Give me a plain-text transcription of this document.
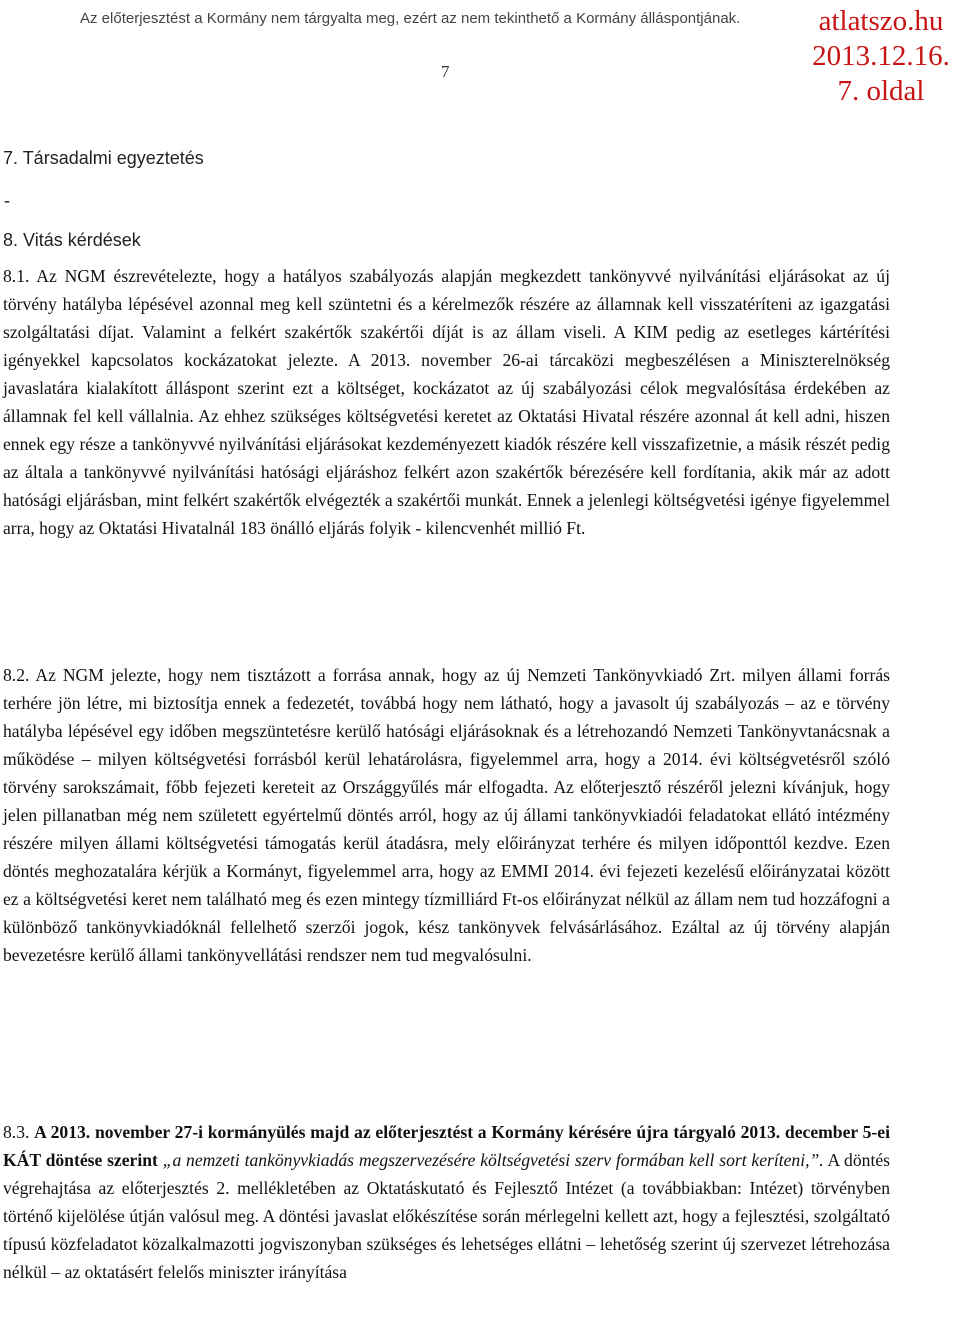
Az előterjesztést a Kormány nem tárgyalta meg, ezért az nem tekinthető a Kormány álláspontjának.	atlatszo.hu
2013.12.16.
7. oldal
7
7. Társadalmi egyeztetés
-
8. Vitás kérdések
8.1. Az NGM észrevételezte, hogy a hatályos szabályozás alapján megkezdett tankönyvvé nyilvánítási eljárásokat az új törvény hatályba lépésével azonnal meg kell szüntetni és a kérelmezők részére az államnak kell visszatéríteni az igazgatási szolgáltatási díjat. Valamint a felkért szakértők szakértői díját is az állam viseli. A KIM pedig az esetleges kártérítési igényekkel kapcsolatos kockázatokat jelezte. A 2013. november 26-ai tárcaközi megbeszélésen a Miniszterelnökség javaslatára kialakított álláspont szerint ezt a költséget, kockázatot az új szabályozási célok megvalósítása érdekében az államnak fel kell vállalnia. Az ehhez szükséges költségvetési keretet az Oktatási Hivatal részére azonnal át kell adni, hiszen ennek egy része a tankönyvvé nyilvánítási eljárásokat kezdeményezett kiadók részére kell visszafizetnie, a másik részét pedig az általa a tankönyvvé nyilvánítási hatósági eljáráshoz felkért azon szakértők bérezésére kell fordítania, akik már az adott hatósági eljárásban, mint felkért szakértők elvégezték a szakértői munkát. Ennek a jelenlegi költségvetési igénye figyelemmel arra, hogy az Oktatási Hivatalnál 183 önálló eljárás folyik - kilencvenhét millió Ft.
8.2. Az NGM jelezte, hogy nem tisztázott a forrása annak, hogy az új Nemzeti Tankönyvkiadó Zrt. milyen állami forrás terhére jön létre, mi biztosítja ennek a fedezetét, továbbá hogy nem látható, hogy a javasolt új szabályozás – az e törvény hatályba lépésével egy időben megszüntetésre kerülő hatósági eljárásoknak és a létrehozandó Nemzeti Tankönyvtanácsnak a működése – milyen költségvetési forrásból kerül lehatárolásra, figyelemmel arra, hogy a 2014. évi költségvetésről szóló törvény sarokszámait, főbb fejezeti kereteit az Országgyűlés már elfogadta. Az előterjesztő részéről jelezni kívánjuk, hogy jelen pillanatban még nem született egyértelmű döntés arról, hogy az új állami tankönyvkiadói feladatokat ellátó intézmény részére milyen állami költségvetési támogatás kerül átadásra, mely előirányzat terhére és milyen időponttól kezdve. Ezen döntés meghozatalára kérjük a Kormányt, figyelemmel arra, hogy az EMMI 2014. évi fejezeti kezelésű előirányzatai között ez a költségvetési keret nem található meg és ezen mintegy tízmilliárd Ft-os előirányzat nélkül az állam nem tud hozzáfogni a különböző tankönyvkiadóknál fellelhető szerzői jogok, kész tankönyvek felvásárlásához. Ezáltal az új törvény alapján bevezetésre kerülő állami tankönyvellátási rendszer nem tud megvalósulni.
8.3. A 2013. november 27-i kormányülés majd az előterjesztést a Kormány kérésére újra tárgyaló 2013. december 5-ei KÁT döntése szerint „a nemzeti tankönyvkiadás megszervezésére költségvetési szerv formában kell sort keríteni,”. A döntés végrehajtása az előterjesztés 2. mellékletében az Oktatáskutató és Fejlesztő Intézet (a továbbiakban: Intézet) törvényben történő kijelölése útján valósul meg. A döntési javaslat előkészítése során mérlegelni kellett azt, hogy a fejlesztési, szolgáltató típusú közfeladatot közalkalmazotti jogviszonyban szükséges és lehetséges ellátni – lehetőség szerint új szervezet létrehozása nélkül – az oktatásért felelős miniszter irányítása
